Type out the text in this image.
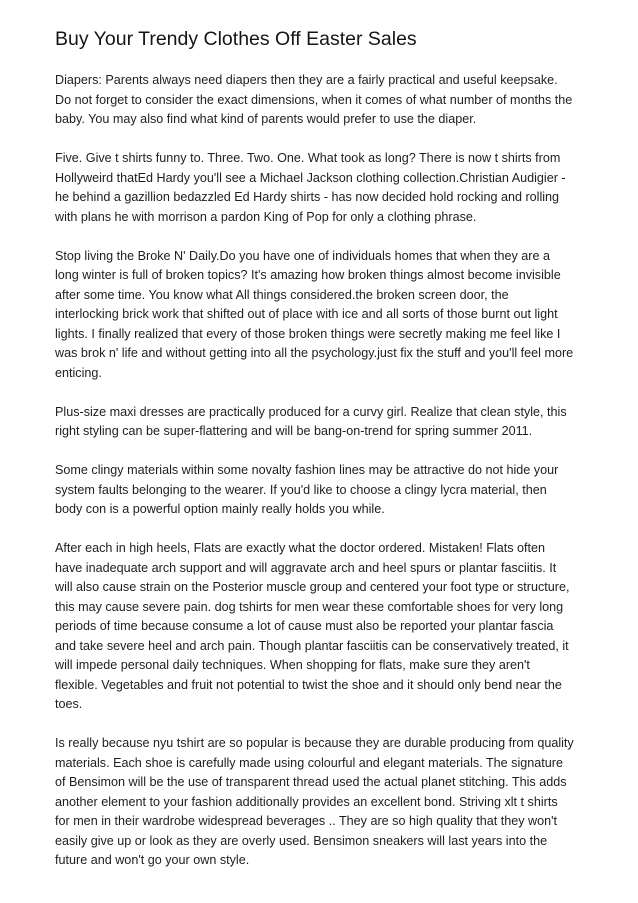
Buy Your Trendy Clothes Off Easter Sales
Diapers: Parents always need diapers then they are a fairly practical and useful keepsake.
Do not forget to consider the exact dimensions, when it comes of what number of months the
baby. You may also find what kind of parents would prefer to use the diaper.
Five. Give t shirts funny to. Three. Two. One. What took as long? There is now t shirts from
Hollyweird thatEd Hardy you'll see a Michael Jackson clothing collection.Christian Audigier -
he behind a gazillion bedazzled Ed Hardy shirts - has now decided hold rocking and rolling
with plans he with morrison a pardon King of Pop for only a clothing phrase.
Stop living the Broke N' Daily.Do you have one of individuals homes that when they are a
long winter is full of broken topics? It's amazing how broken things almost become invisible
after some time. You know what All things considered.the broken screen door, the
interlocking brick work that shifted out of place with ice and all sorts of those burnt out light
lights. I finally realized that every of those broken things were secretly making me feel like I
was brok n' life and without getting into all the psychology.just fix the stuff and you'll feel more
enticing.
Plus-size maxi dresses are practically produced for a curvy girl. Realize that clean style, this
right styling can be super-flattering and will be bang-on-trend for spring summer 2011.
Some clingy materials within some novalty fashion lines may be attractive do not hide your
system faults belonging to the wearer. If you'd like to choose a clingy lycra material, then
body con is a powerful option mainly really holds you while.
After each in high heels, Flats are exactly what the doctor ordered. Mistaken! Flats often
have inadequate arch support and will aggravate arch and heel spurs or plantar fasciitis. It
will also cause strain on the Posterior muscle group and centered your foot type or structure,
this may cause severe pain. dog tshirts for men wear these comfortable shoes for very long
periods of time because consume a lot of cause must also be reported your plantar fascia
and take severe heel and arch pain. Though plantar fasciitis can be conservatively treated, it
will impede personal daily techniques. When shopping for flats, make sure they aren't
flexible. Vegetables and fruit not potential to twist the shoe and it should only bend near the
toes.
Is really because nyu tshirt are so popular is because they are durable producing from quality
materials. Each shoe is carefully made using colourful and elegant materials. The signature
of Bensimon will be the use of transparent thread used the actual planet stitching. This adds
another element to your fashion additionally provides an excellent bond. Striving xlt t shirts
for men in their wardrobe widespread beverages .. They are so high quality that they won't
easily give up or look as they are overly used. Bensimon sneakers will last years into the
future and won't go your own style.
